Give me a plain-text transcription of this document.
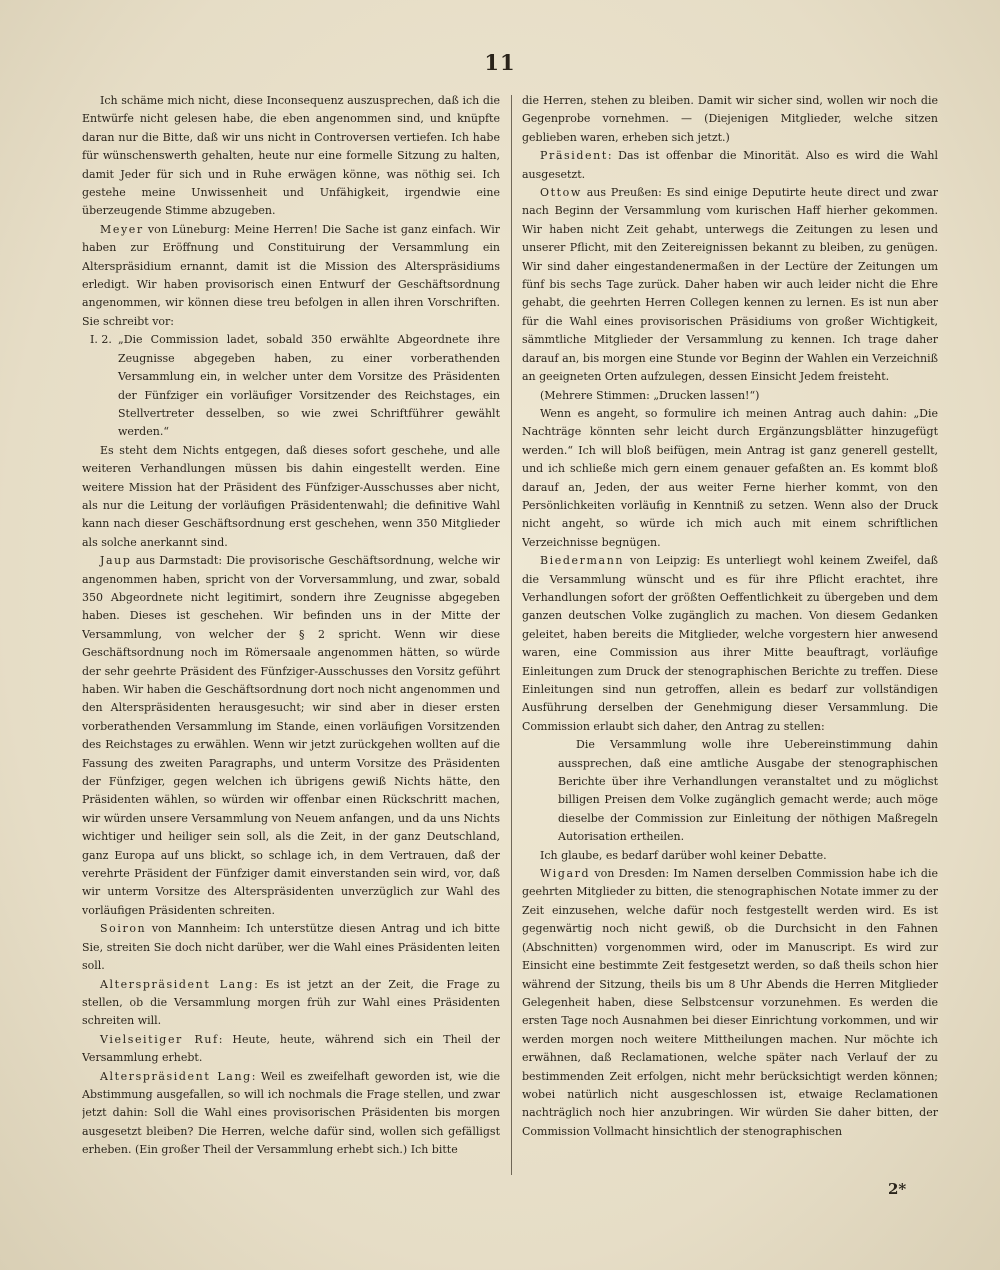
11

Ich schäme mich nicht, diese Inconsequenz auszusprechen, daß ich die Entwürfe nicht gelesen habe, die eben angenommen sind, und knüpfte daran nur die Bitte, daß wir uns nicht in Controversen vertiefen. Ich habe für wünschenswerth gehalten, heute nur eine formelle Sitzung zu halten, damit Jeder für sich und in Ruhe erwägen könne, was nöthig sei. Ich gestehe meine Unwissenheit und Unfähigkeit, irgendwie eine überzeugende Stimme abzugeben.

Meyer von Lüneburg: Meine Herren! Die Sache ist ganz einfach. Wir haben zur Eröffnung und Constituirung der Versammlung ein Alterspräsidium ernannt, damit ist die Mission des Alterspräsidiums erledigt. Wir haben provisorisch einen Entwurf der Geschäftsordnung angenommen, wir können diese treu befolgen in allen ihren Vorschriften. Sie schreibt vor:

I. 2. „Die Commission ladet, sobald 350 erwählte Abgeordnete ihre Zeugnisse abgegeben haben, zu einer vorberathenden Versammlung ein, in welcher unter dem Vorsitze des Präsidenten der Fünfziger ein vorläufiger Vorsitzender des Reichstages, ein Stellvertreter desselben, so wie zwei Schriftführer gewählt werden.“

Es steht dem Nichts entgegen, daß dieses sofort geschehe, und alle weiteren Verhandlungen müssen bis dahin eingestellt werden. Eine weitere Mission hat der Präsident des Fünfziger-Ausschusses aber nicht, als nur die Leitung der vorläufigen Präsidentenwahl; die definitive Wahl kann nach dieser Geschäftsordnung erst geschehen, wenn 350 Mitglieder als solche anerkannt sind.

Jaup aus Darmstadt: Die provisorische Geschäftsordnung, welche wir angenommen haben, spricht von der Vorversammlung, und zwar, sobald 350 Abgeordnete nicht legitimirt, sondern ihre Zeugnisse abgegeben haben. Dieses ist geschehen. Wir befinden uns in der Mitte der Versammlung, von welcher der § 2 spricht. Wenn wir diese Geschäftsordnung noch im Römersaale angenommen hätten, so würde der sehr geehrte Präsident des Fünfziger-Ausschusses den Vorsitz geführt haben. Wir haben die Geschäftsordnung dort noch nicht angenommen und den Alterspräsidenten herausgesucht; wir sind aber in dieser ersten vorberathenden Versammlung im Stande, einen vorläufigen Vorsitzenden des Reichstages zu erwählen. Wenn wir jetzt zurückgehen wollten auf die Fassung des zweiten Paragraphs, und unterm Vorsitze des Präsidenten der Fünfziger, gegen welchen ich übrigens gewiß Nichts hätte, den Präsidenten wählen, so würden wir offenbar einen Rückschritt machen, wir würden unsere Versammlung von Neuem anfangen, und da uns Nichts wichtiger und heiliger sein soll, als die Zeit, in der ganz Deutschland, ganz Europa auf uns blickt, so schlage ich, in dem Vertrauen, daß der verehrte Präsident der Fünfziger damit einverstanden sein wird, vor, daß wir unterm Vorsitze des Alterspräsidenten unverzüglich zur Wahl des vorläufigen Präsidenten schreiten.

Soiron von Mannheim: Ich unterstütze diesen Antrag und ich bitte Sie, streiten Sie doch nicht darüber, wer die Wahl eines Präsidenten leiten soll.

Alterspräsident Lang: Es ist jetzt an der Zeit, die Frage zu stellen, ob die Versammlung morgen früh zur Wahl eines Präsidenten schreiten will.

Vielseitiger Ruf: Heute, heute, während sich ein Theil der Versammlung erhebt.

Alterspräsident Lang: Weil es zweifelhaft geworden ist, wie die Abstimmung ausgefallen, so will ich nochmals die Frage stellen, und zwar jetzt dahin: Soll die Wahl eines provisorischen Präsidenten bis morgen ausgesetzt bleiben? Die Herren, welche dafür sind, wollen sich gefälligst erheben. (Ein großer Theil der Versammlung erhebt sich.) Ich bitte

die Herren, stehen zu bleiben. Damit wir sicher sind, wollen wir noch die Gegenprobe vornehmen. — (Diejenigen Mitglieder, welche sitzen geblieben waren, erheben sich jetzt.)

Präsident: Das ist offenbar die Minorität. Also es wird die Wahl ausgesetzt.

Ottow aus Preußen: Es sind einige Deputirte heute direct und zwar nach Beginn der Versammlung vom kurischen Haff hierher gekommen. Wir haben nicht Zeit gehabt, unterwegs die Zeitungen zu lesen und unserer Pflicht, mit den Zeitereignissen bekannt zu bleiben, zu genügen. Wir sind daher eingestandenermaßen in der Lectüre der Zeitungen um fünf bis sechs Tage zurück. Daher haben wir auch leider nicht die Ehre gehabt, die geehrten Herren Collegen kennen zu lernen. Es ist nun aber für die Wahl eines provisorischen Präsidiums von großer Wichtigkeit, sämmtliche Mitglieder der Versammlung zu kennen. Ich trage daher darauf an, bis morgen eine Stunde vor Beginn der Wahlen ein Verzeichniß an geeigneten Orten aufzulegen, dessen Einsicht Jedem freisteht.

(Mehrere Stimmen: „Drucken lassen!“)

Wenn es angeht, so formulire ich meinen Antrag auch dahin: „Die Nachträge könnten sehr leicht durch Ergänzungsblätter hinzugefügt werden.“ Ich will bloß beifügen, mein Antrag ist ganz generell gestellt, und ich schließe mich gern einem genauer gefaßten an. Es kommt bloß darauf an, Jeden, der aus weiter Ferne hierher kommt, von den Persönlichkeiten vorläufig in Kenntniß zu setzen. Wenn also der Druck nicht angeht, so würde ich mich auch mit einem schriftlichen Verzeichnisse begnügen.

Biedermann von Leipzig: Es unterliegt wohl keinem Zweifel, daß die Versammlung wünscht und es für ihre Pflicht erachtet, ihre Verhandlungen sofort der größten Oeffentlichkeit zu übergeben und dem ganzen deutschen Volke zugänglich zu machen. Von diesem Gedanken geleitet, haben bereits die Mitglieder, welche vorgestern hier anwesend waren, eine Commission aus ihrer Mitte beauftragt, vorläufige Einleitungen zum Druck der stenographischen Berichte zu treffen. Diese Einleitungen sind nun getroffen, allein es bedarf zur vollständigen Ausführung derselben der Genehmigung dieser Versammlung. Die Commission erlaubt sich daher, den Antrag zu stellen:

Die Versammlung wolle ihre Uebereinstimmung dahin aussprechen, daß eine amtliche Ausgabe der stenographischen Berichte über ihre Verhandlungen veranstaltet und zu möglichst billigen Preisen dem Volke zugänglich gemacht werde; auch möge dieselbe der Commission zur Einleitung der nöthigen Maßregeln Autorisation ertheilen.

Ich glaube, es bedarf darüber wohl keiner Debatte.

Wigard von Dresden: Im Namen derselben Commission habe ich die geehrten Mitglieder zu bitten, die stenographischen Notate immer zu der Zeit einzusehen, welche dafür noch festgestellt werden wird. Es ist gegenwärtig noch nicht gewiß, ob die Durchsicht in den Fahnen (Abschnitten) vorgenommen wird, oder im Manuscript. Es wird zur Einsicht eine bestimmte Zeit festgesetzt werden, so daß theils schon hier während der Sitzung, theils bis um 8 Uhr Abends die Herren Mitglieder Gelegenheit haben, diese Selbstcensur vorzunehmen. Es werden die ersten Tage noch Ausnahmen bei dieser Einrichtung vorkommen, und wir werden morgen noch weitere Mittheilungen machen. Nur möchte ich erwähnen, daß Reclamationen, welche später nach Verlauf der zu bestimmenden Zeit erfolgen, nicht mehr berücksichtigt werden können; wobei natürlich nicht ausgeschlossen ist, etwaige Reclamationen nachträglich noch hier anzubringen. Wir würden Sie daher bitten, der Commission Vollmacht hinsichtlich der stenographischen

2*
